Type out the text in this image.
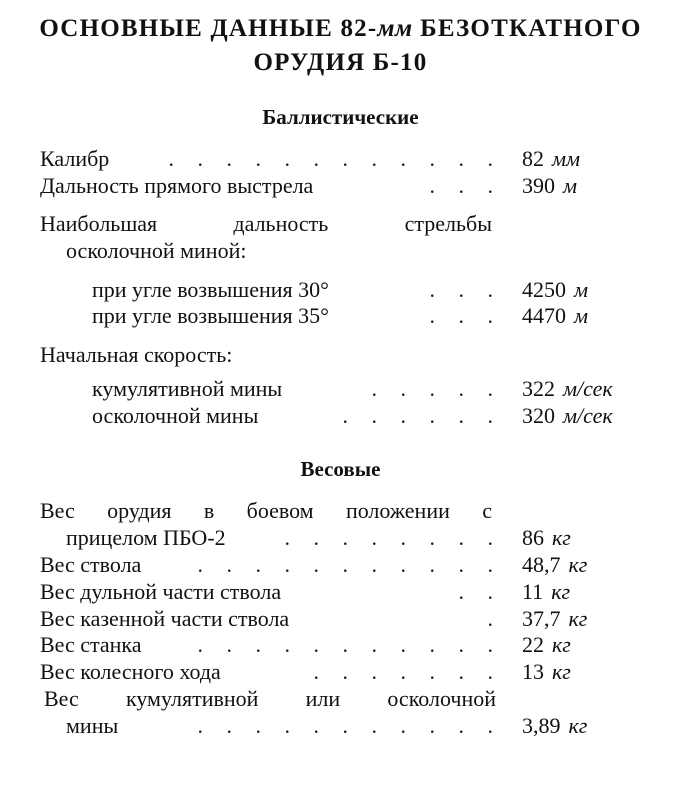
ОСНОВНЫЕ ДАННЫЕ 82-мм БЕЗОТКАТНОГО
ОРУДИЯ Б-10
Баллистические
Калибр	. . . . . . . . . . . . 82 мм
Дальность прямого выстрела	. . . 390 м
Наибольшая дальность стрельбы
осколочной миной:
при угле возвышения 30°	. . . 4250 м
при угле возвышения 35°	. . . 4470 м
Начальная скорость:
кумулятивной мины	. . . . . 322 м/сек
осколочной мины	. . . . . . 320 м/сек
Весовые
Вес орудия в боевом положении с
прицелом ПБО-2	. . . . . . . . 86 кг
Вес ствола	. . . . . . . . . . . 48,7 кг
Вес дульной части ствола	. . 11 кг
Вес казенной части ствола	. 37,7 кг
Вес станка	. . . . . . . . . . . 22 кг
Вес колесного хода	. . . . . . . 13 кг
Вес кумулятивной или осколочной
мины	. . . . . . . . . . . 3,89 кг
